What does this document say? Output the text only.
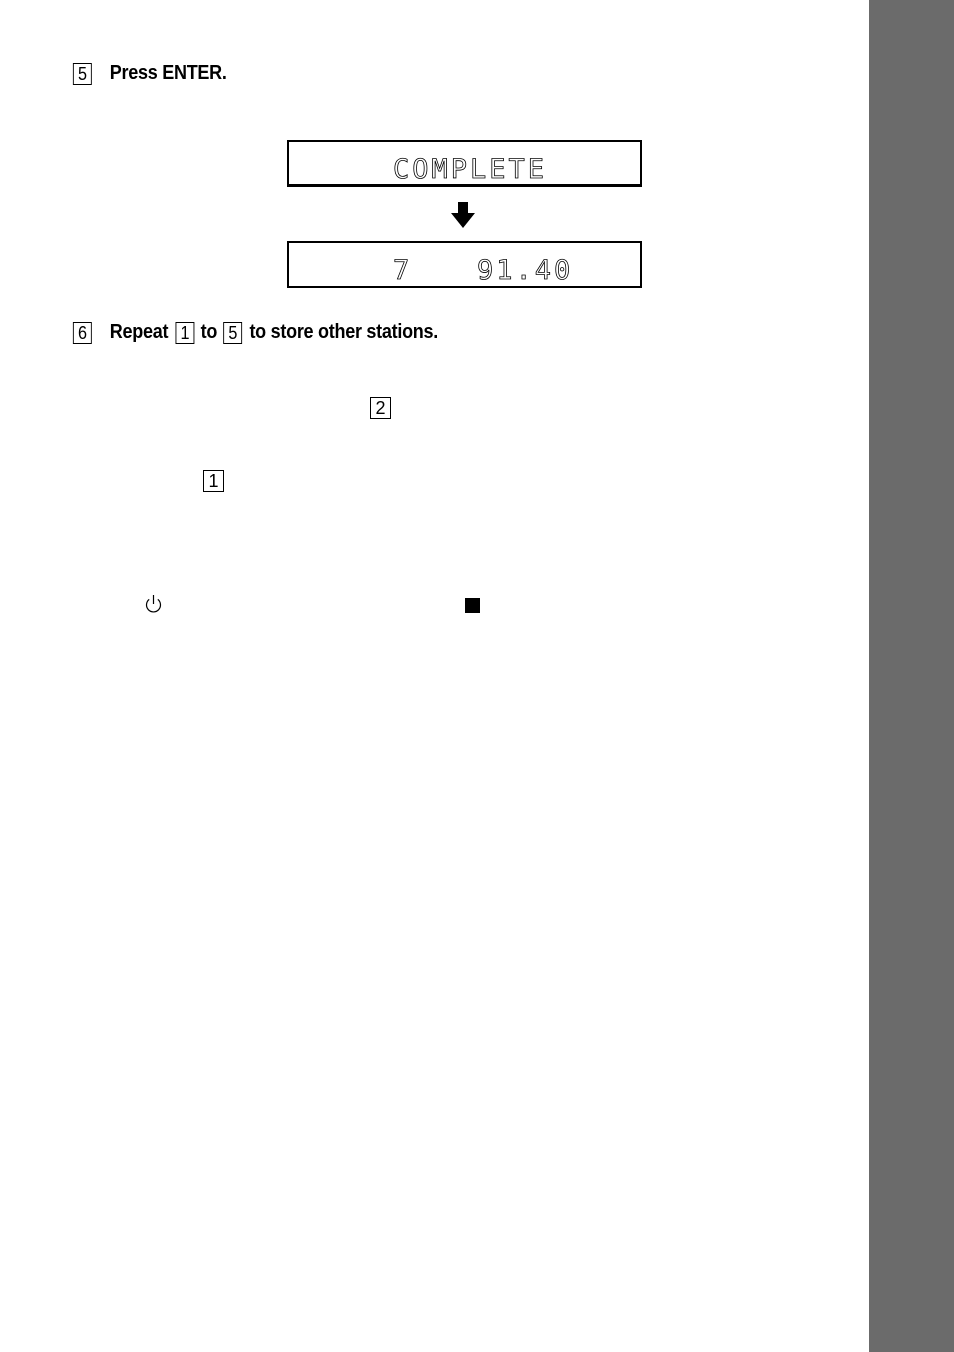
5 Press ENTER.
COMPLETE
7 91.40
6 Repeat 1 to 5 to store other stations.
2
1
